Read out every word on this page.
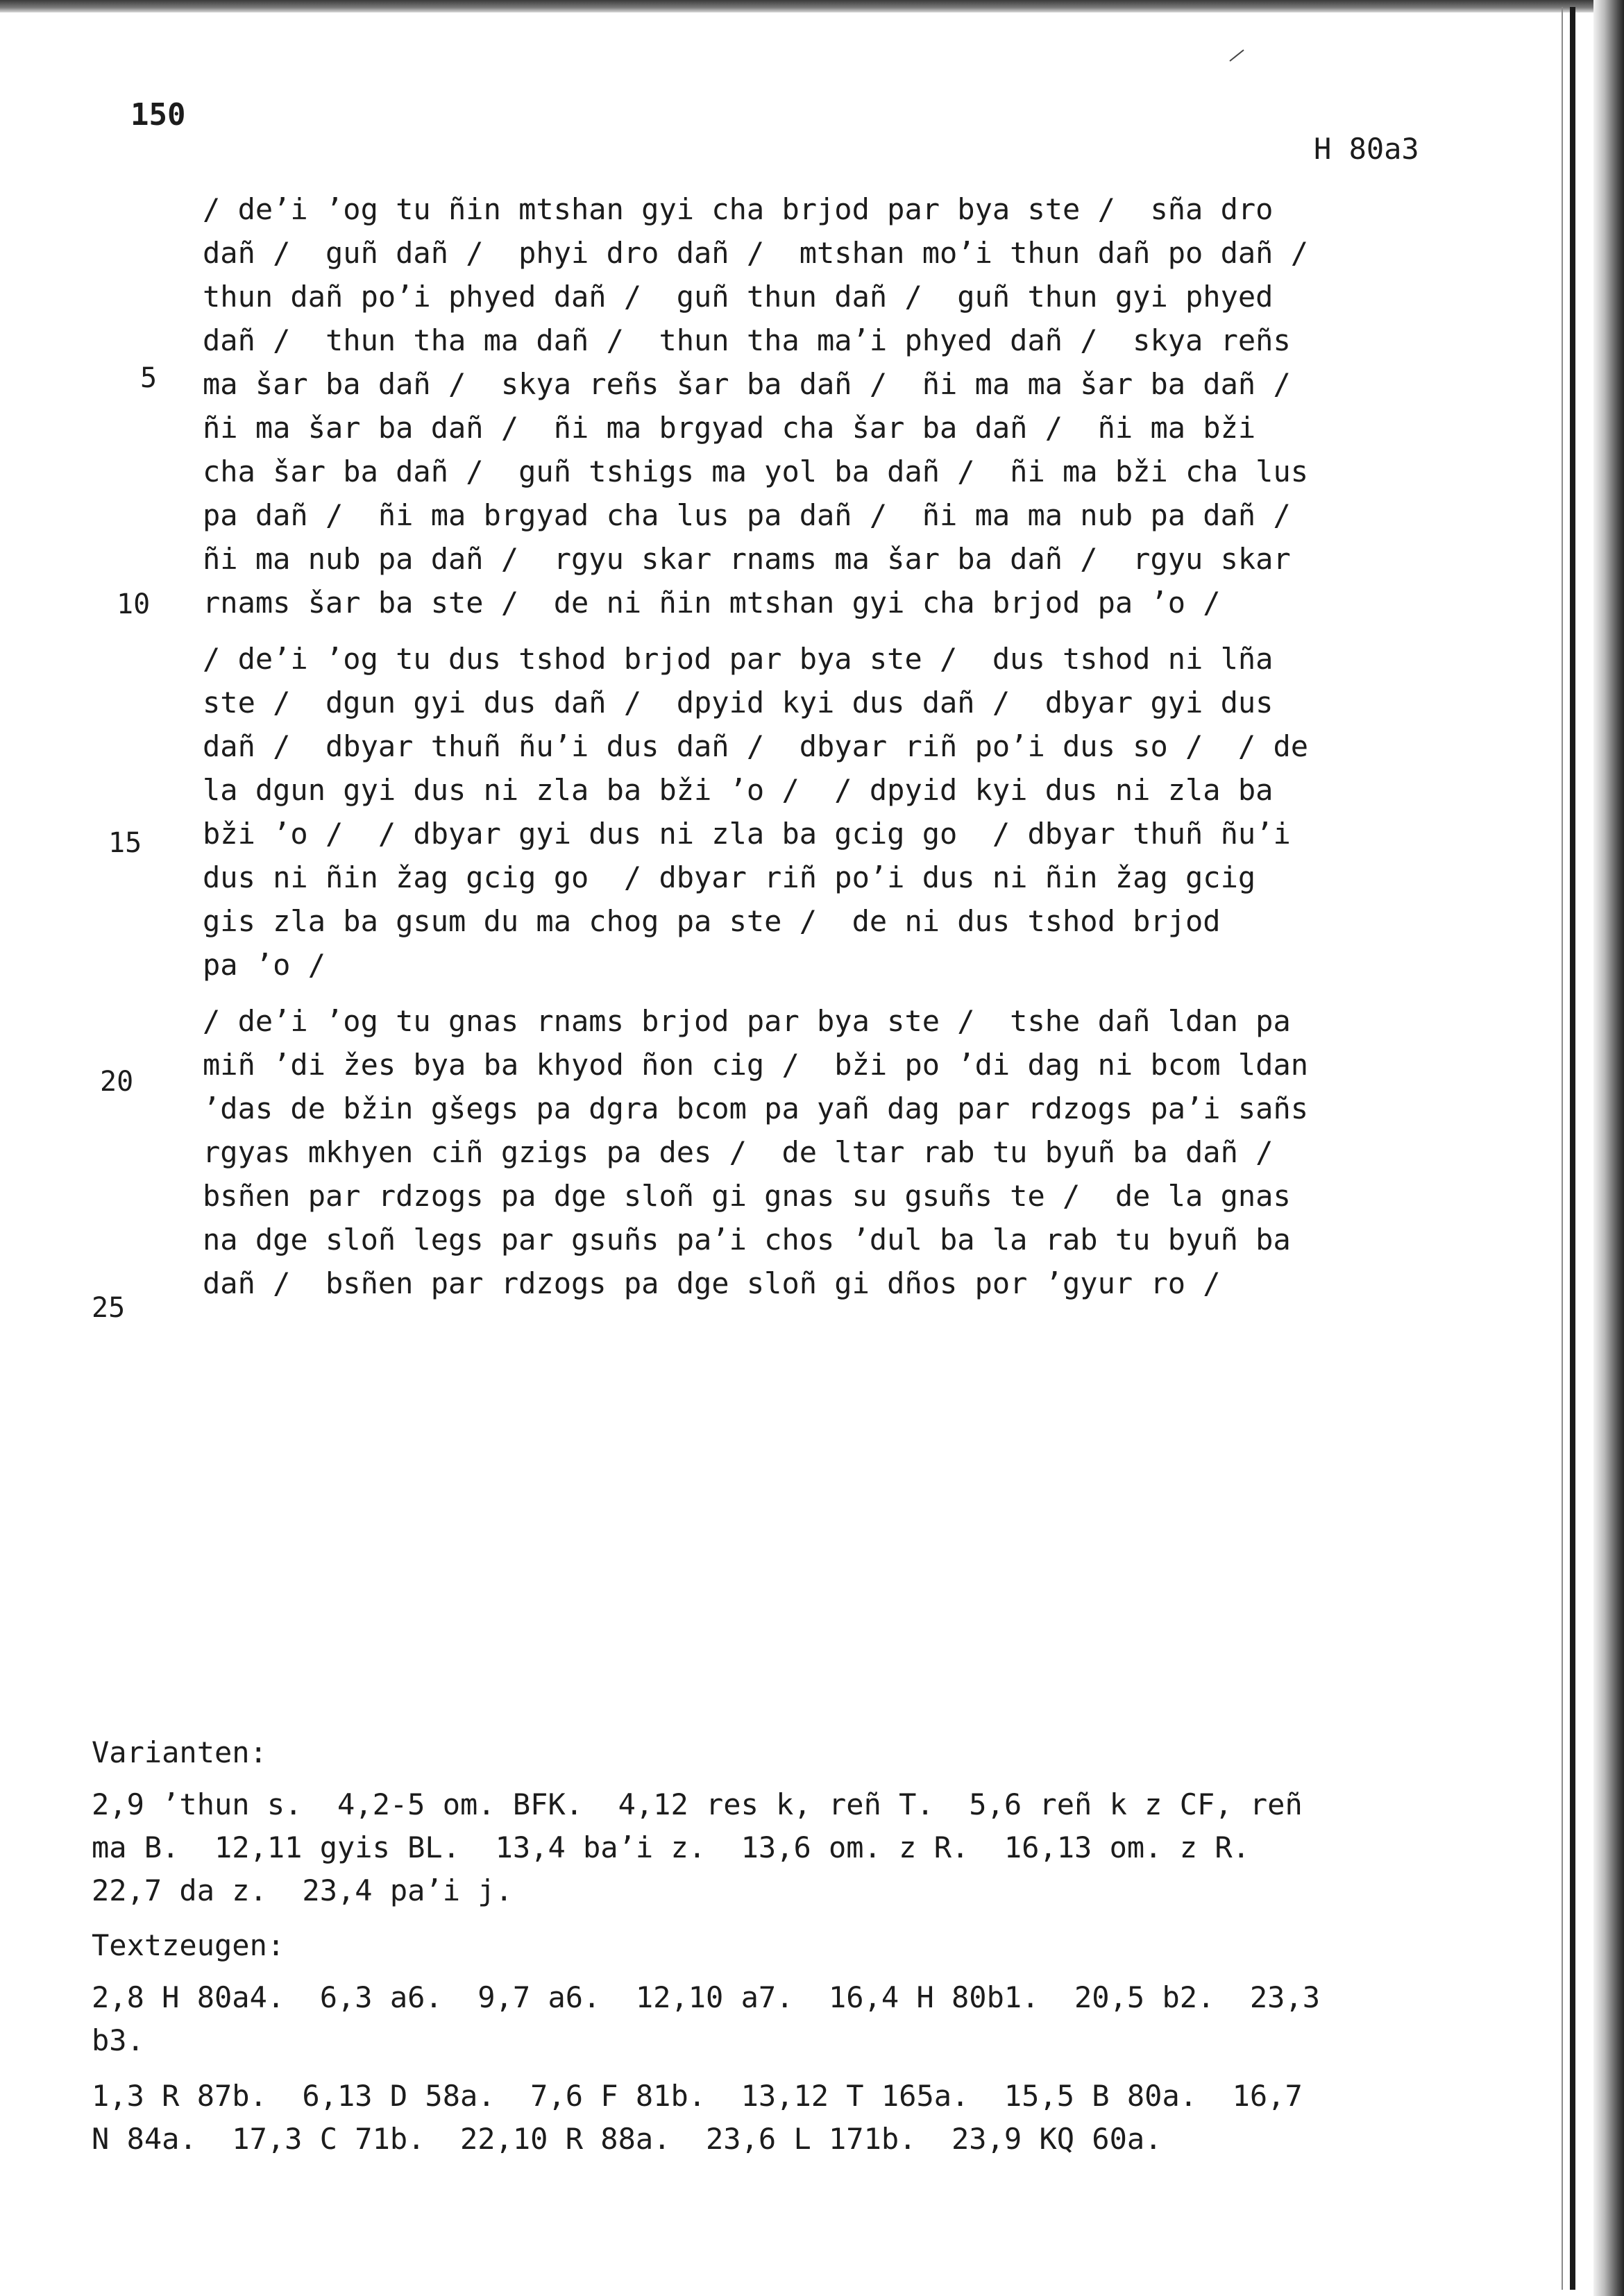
150
H 80a3
/ de’i ’og tu ñin mtshan gyi cha brjod par bya ste /  sña dro
dañ /  guñ dañ /  phyi dro dañ /  mtshan mo’i thun dañ po dañ /
thun dañ po’i phyed dañ /  guñ thun dañ /  guñ thun gyi phyed
dañ /  thun tha ma dañ /  thun tha ma’i phyed dañ /  skya reñs
ma šar ba dañ /  skya reñs šar ba dañ /  ñi ma ma šar ba dañ /
ñi ma šar ba dañ /  ñi ma brgyad cha šar ba dañ /  ñi ma bži
cha šar ba dañ /  guñ tshigs ma yol ba dañ /  ñi ma bži cha lus
pa dañ /  ñi ma brgyad cha lus pa dañ /  ñi ma ma nub pa dañ /
ñi ma nub pa dañ /  rgyu skar rnams ma šar ba dañ /  rgyu skar
rnams šar ba ste /  de ni ñin mtshan gyi cha brjod pa ’o /
/ de’i ’og tu dus tshod brjod par bya ste /  dus tshod ni lña
ste /  dgun gyi dus dañ /  dpyid kyi dus dañ /  dbyar gyi dus
dañ /  dbyar thuñ ñu’i dus dañ /  dbyar riñ po’i dus so /  / de
la dgun gyi dus ni zla ba bži ’o /  / dpyid kyi dus ni zla ba
bži ’o /  / dbyar gyi dus ni zla ba gcig go  / dbyar thuñ ñu’i
dus ni ñin žag gcig go  / dbyar riñ po’i dus ni ñin žag gcig
gis zla ba gsum du ma chog pa ste /  de ni dus tshod brjod
pa ’o /
/ de’i ’og tu gnas rnams brjod par bya ste /  tshe dañ ldan pa
miñ ’di žes bya ba khyod ñon cig /  bži po ’di dag ni bcom ldan
’das de bžin gšegs pa dgra bcom pa yañ dag par rdzogs pa’i sañs
rgyas mkhyen ciñ gzigs pa des /  de ltar rab tu byuñ ba dañ /
bsñen par rdzogs pa dge sloñ gi gnas su gsuñs te /  de la gnas
na dge sloñ legs par gsuñs pa’i chos ’dul ba la rab tu byuñ ba
dañ /  bsñen par rdzogs pa dge sloñ gi dños por ’gyur ro /
5
10
15
20
25
Varianten:
2,9 ’thun s.  4,2-5 om. BFK.  4,12 res k, reñ T.  5,6 reñ k z CF, reñ
ma B.  12,11 gyis BL.  13,4 ba’i z.  13,6 om. z R.  16,13 om. z R.
22,7 da z.  23,4 pa’i j.
Textzeugen:
2,8 H 80a4.  6,3 a6.  9,7 a6.  12,10 a7.  16,4 H 80b1.  20,5 b2.  23,3
b3.
1,3 R 87b.  6,13 D 58a.  7,6 F 81b.  13,12 T 165a.  15,5 B 80a.  16,7
N 84a.  17,3 C 71b.  22,10 R 88a.  23,6 L 171b.  23,9 KQ 60a.
